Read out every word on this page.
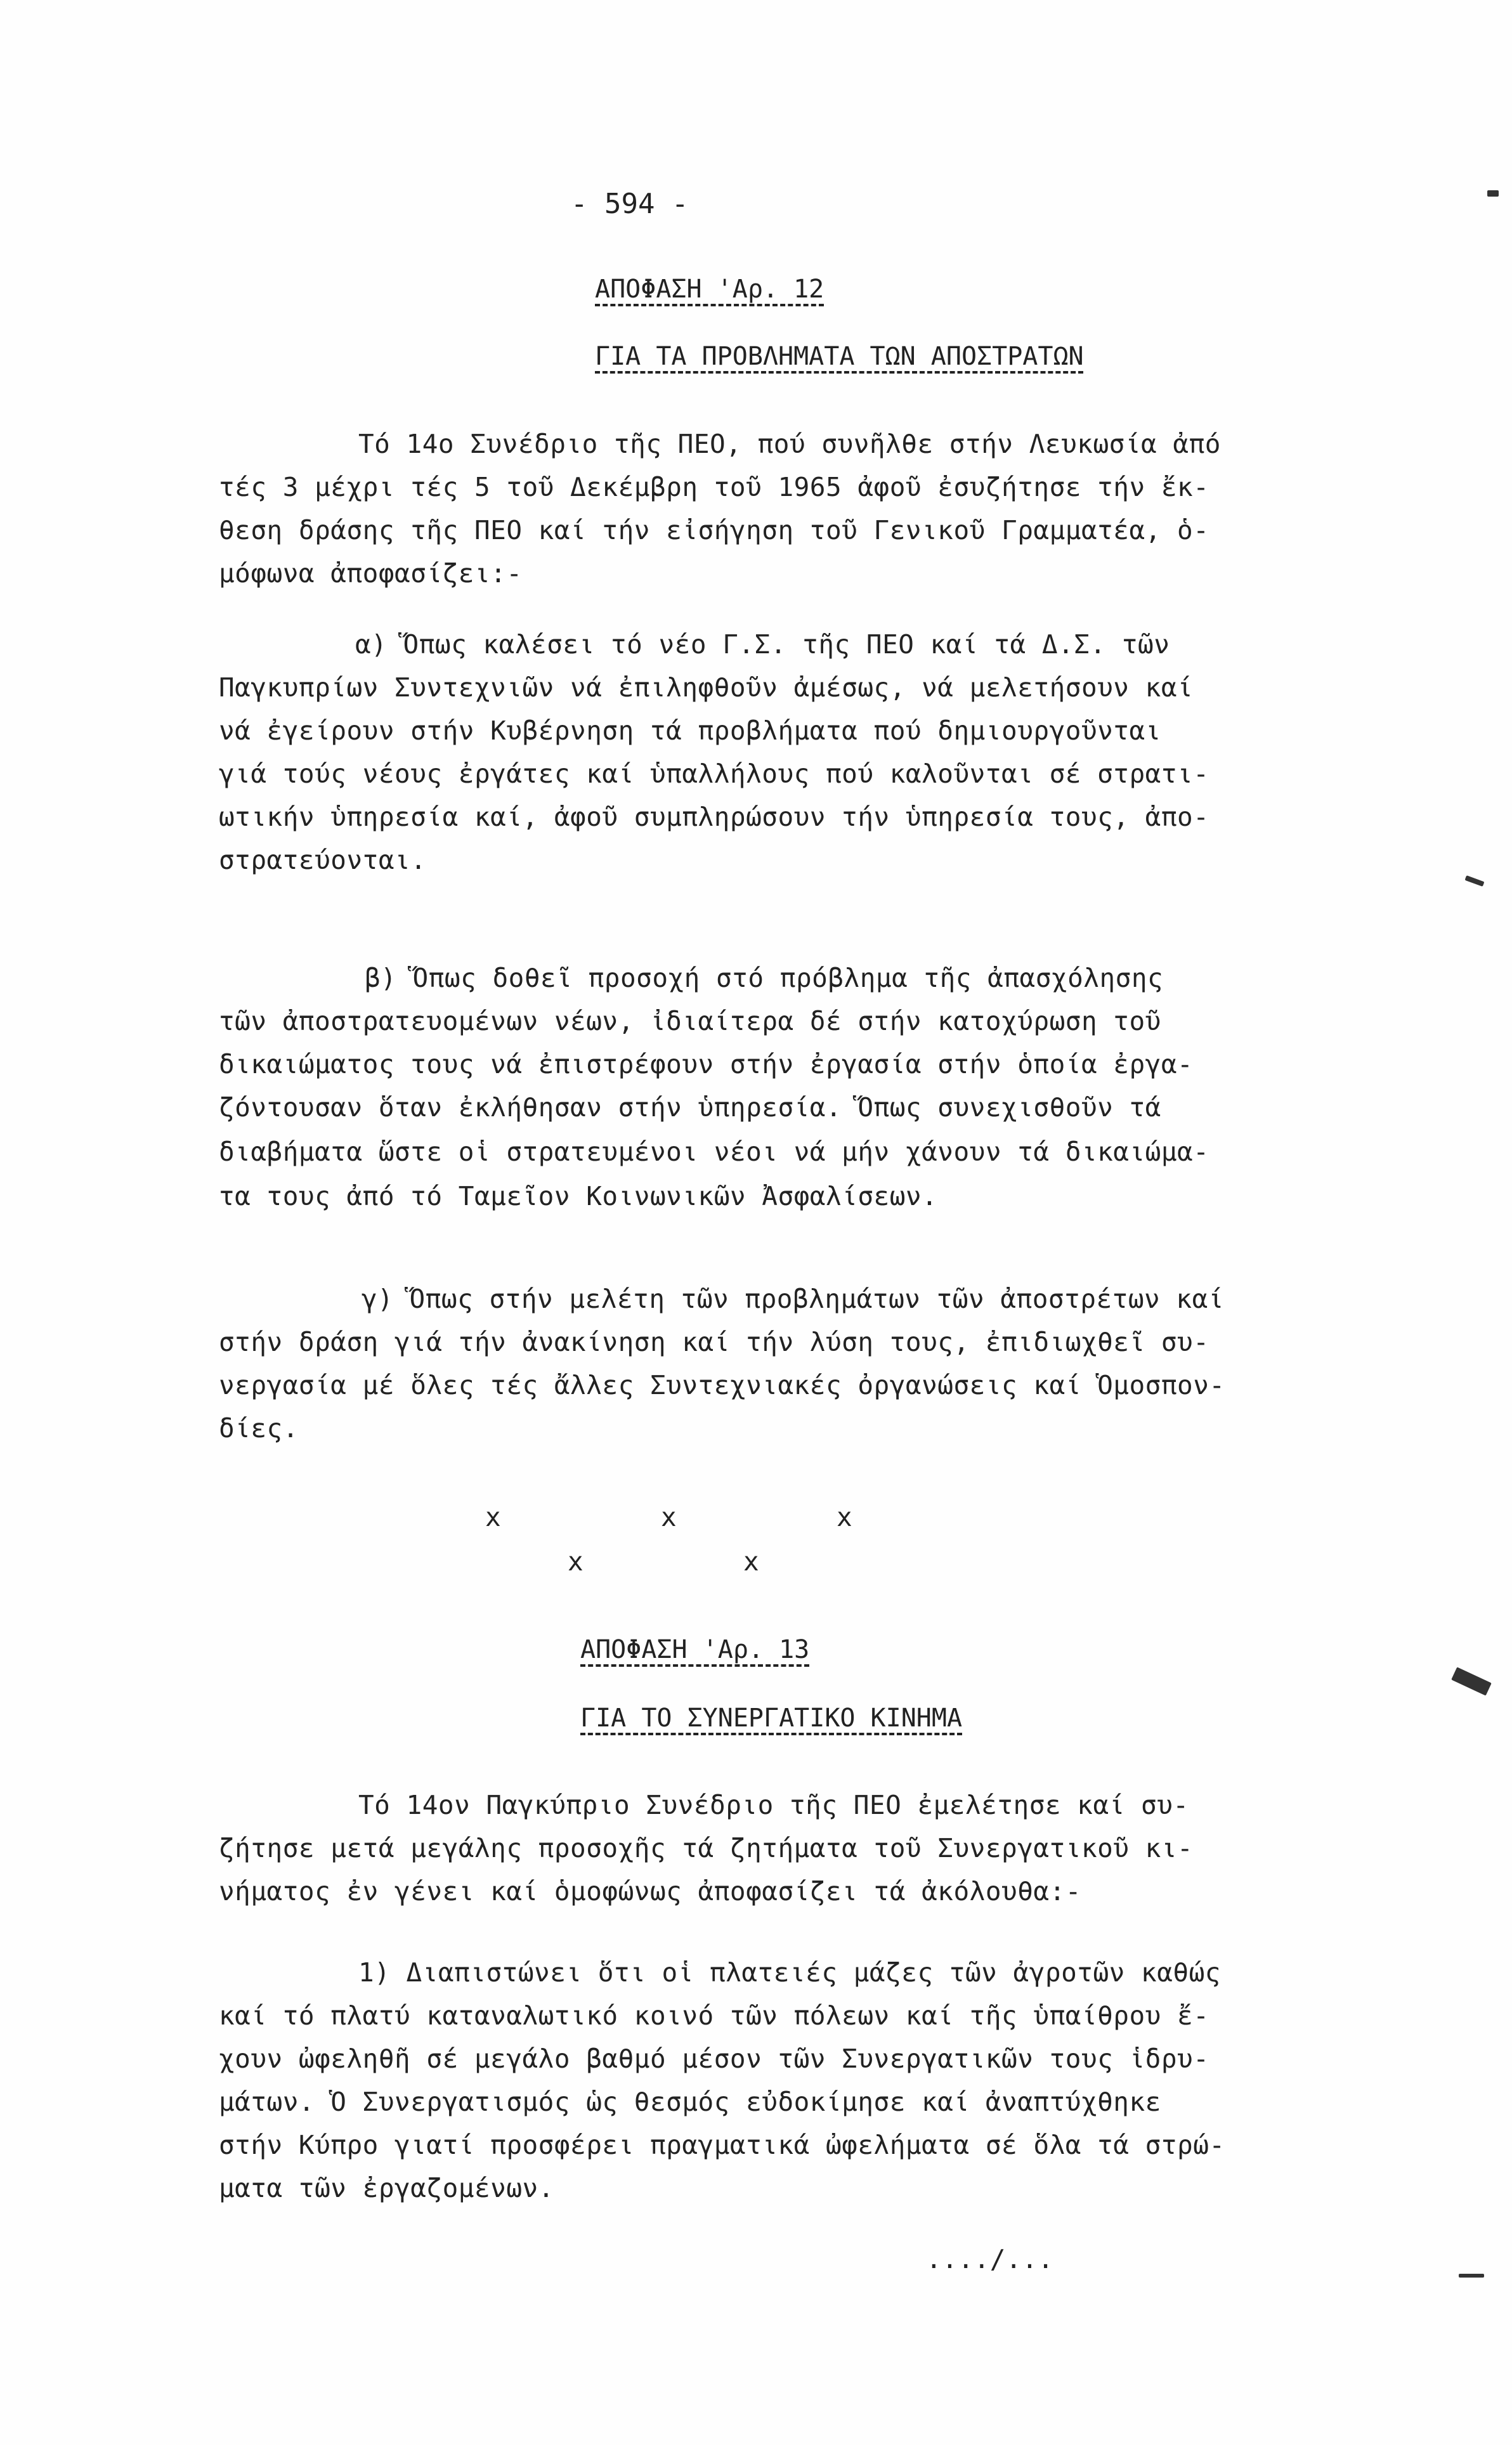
- 594 -
ΑΠΟΦΑΣΗ 'Αρ. 12
ΓΙΑ ΤΑ ΠΡΟΒΛΗΜΑΤΑ ΤΩΝ ΑΠΟΣΤΡΑΤΩΝ
Τό 14ο Συνέδριο τῆς ΠΕΟ, πού συνῆλθε στήν Λευκωσία ἀπό
τές 3 μέχρι τές 5 τοῦ Δεκέμβρη τοῦ 1965 ἀφοῦ ἐσυζήτησε τήν ἔκ-
θεση δράσης τῆς ΠΕΟ καί τήν εἰσήγηση τοῦ Γενικοῦ Γραμματέα, ὁ-
μόφωνα ἀποφασίζει:-
α) Ὅπως καλέσει τό νέο Γ.Σ. τῆς ΠΕΟ καί τά Δ.Σ. τῶν
Παγκυπρίων Συντεχνιῶν νά ἐπιληφθοῦν ἀμέσως, νά μελετήσουν καί
νά ἐγείρουν στήν Κυβέρνηση τά προβλήματα πού δημιουργοῦνται
γιά τούς νέους ἐργάτες καί ὑπαλλήλους πού καλοῦνται σέ στρατι-
ωτικήν ὑπηρεσία καί, ἀφοῦ συμπληρώσουν τήν ὑπηρεσία τους, ἀπο-
στρατεύονται.
β) Ὅπως δοθεῖ προσοχή στό πρόβλημα τῆς ἀπασχόλησης
τῶν ἀποστρατευομένων νέων, ἰδιαίτερα δέ στήν κατοχύρωση τοῦ
δικαιώματος τους νά ἐπιστρέφουν στήν ἐργασία στήν ὁποία ἐργα-
ζόντουσαν ὅταν ἐκλήθησαν στήν ὑπηρεσία. Ὅπως συνεχισθοῦν τά
διαβήματα ὥστε οἱ στρατευμένοι νέοι νά μήν χάνουν τά δικαιώμα-
τα τους ἀπό τό Ταμεῖον Κοινωνικῶν Ἀσφαλίσεων.
γ) Ὅπως στήν μελέτη τῶν προβλημάτων τῶν ἀποστρέτων καί
στήν δράση γιά τήν ἀνακίνηση καί τήν λύση τους, ἐπιδιωχθεῖ συ-
νεργασία μέ ὅλες τές ἄλλες Συντεχνιακές ὀργανώσεις καί Ὁμοσπον-
δίες.
x          x          x
x          x
ΑΠΟΦΑΣΗ 'Αρ. 13
ΓΙΑ ΤΟ ΣΥΝΕΡΓΑΤΙΚΟ ΚΙΝΗΜΑ
Τό 14ον Παγκύπριο Συνέδριο τῆς ΠΕΟ ἐμελέτησε καί συ-
ζήτησε μετά μεγάλης προσοχῆς τά ζητήματα τοῦ Συνεργατικοῦ κι-
νήματος ἐν γένει καί ὁμοφώνως ἀποφασίζει τά ἀκόλουθα:-
1) Διαπιστώνει ὅτι οἱ πλατειές μάζες τῶν ἀγροτῶν καθώς
καί τό πλατύ καταναλωτικό κοινό τῶν πόλεων καί τῆς ὑπαίθρου ἔ-
χουν ὠφεληθῆ σέ μεγάλο βαθμό μέσον τῶν Συνεργατικῶν τους ἱδρυ-
μάτων. Ὁ Συνεργατισμός ὡς θεσμός εὐδοκίμησε καί ἀναπτύχθηκε
στήν Κύπρο γιατί προσφέρει πραγματικά ὠφελήματα σέ ὅλα τά στρώ-
ματα τῶν ἐργαζομένων.
..../...
